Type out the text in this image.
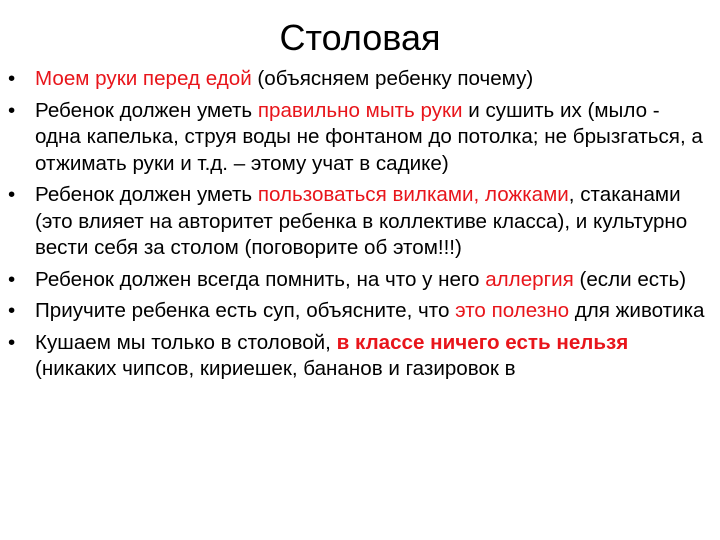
Столовая
• Моем руки перед едой (объясняем ребенку почему)
• Ребенок должен уметь правильно мыть руки и сушить их (мыло - одна капелька, струя воды не фонтаном до потолка; не брызгаться, а отжимать руки и т.д. – этому учат в садике)
• Ребенок должен уметь пользоваться вилками, ложками, стаканами (это влияет на авторитет ребенка в коллективе класса), и культурно вести себя за столом (поговорите об этом!!!)
• Ребенок должен всегда помнить, на что у него аллергия (если есть)
• Приучите ребенка есть суп, объясните, что это полезно для животика
• Кушаем мы только в столовой, в классе ничего есть нельзя (никаких чипсов, кириешек, бананов и газировок в
